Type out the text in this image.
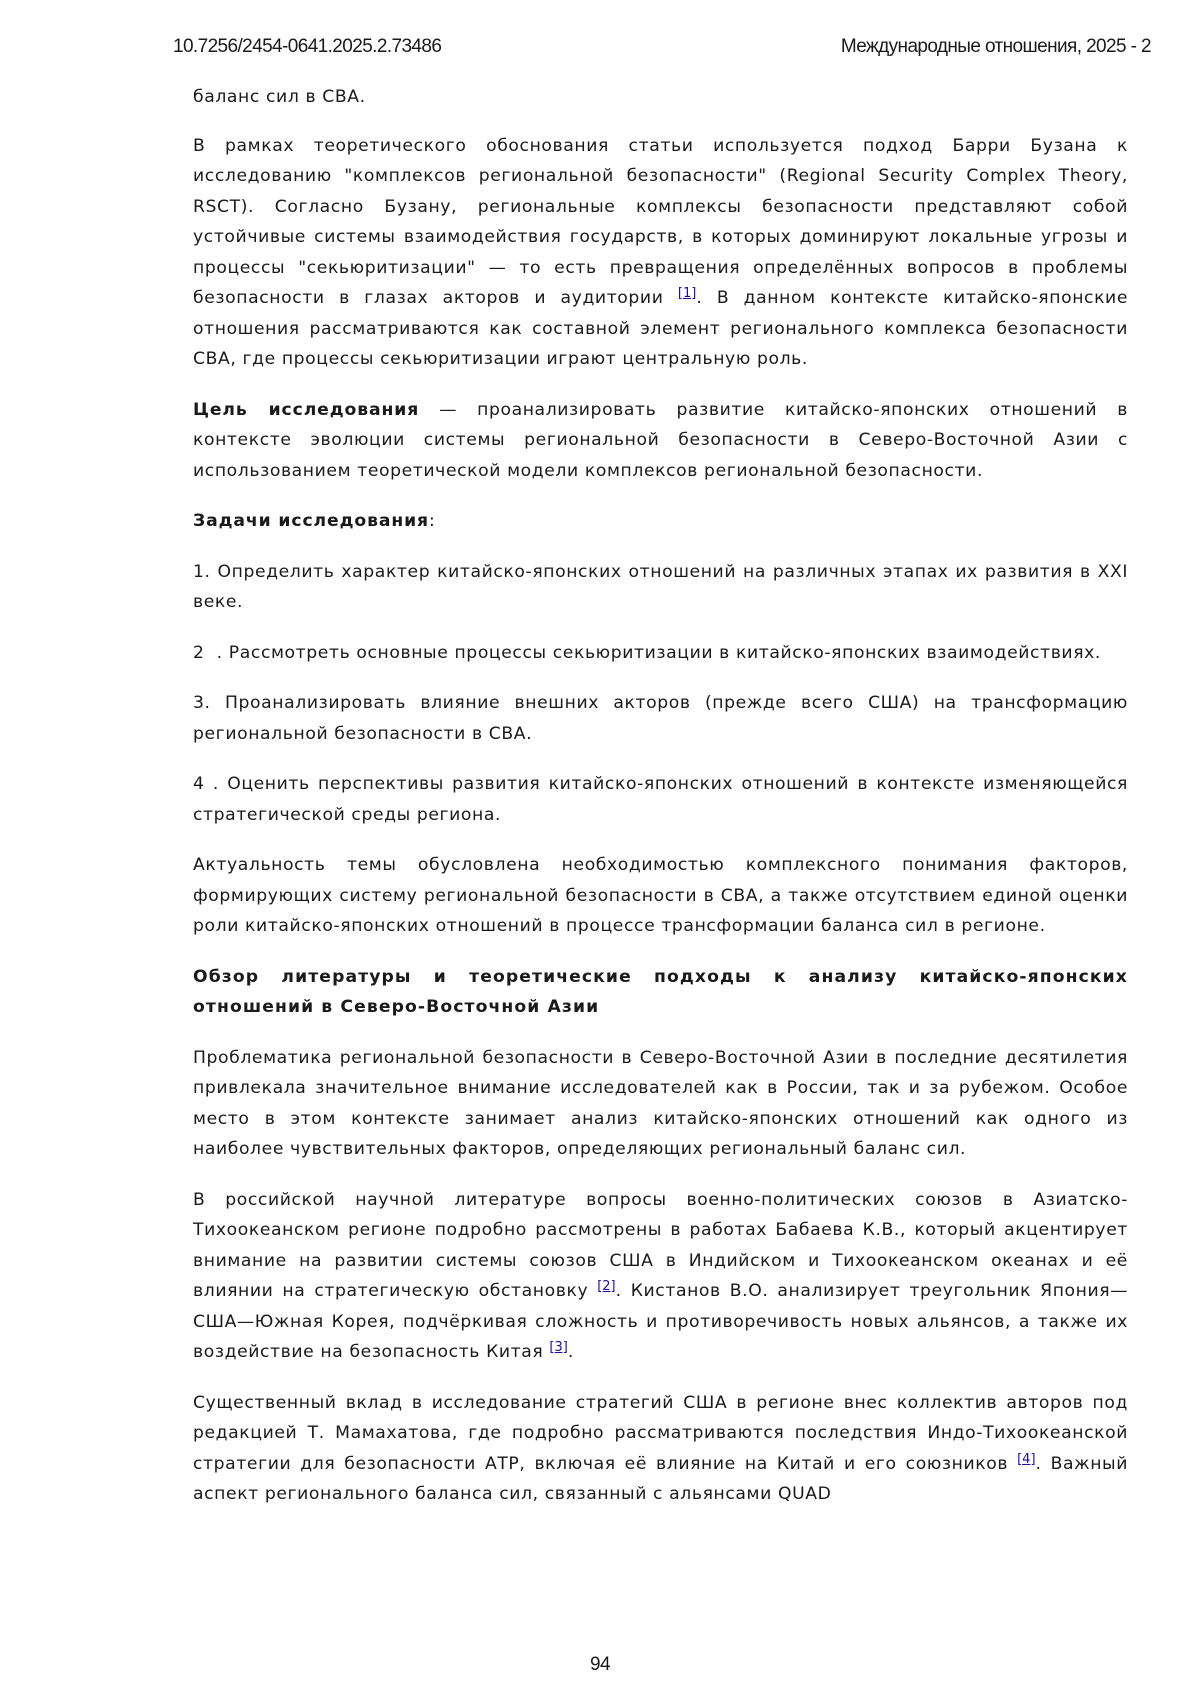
10.7256/2454-0641.2025.2.73486	Международные отношения, 2025 - 2

баланс сил в СВА.

В рамках теоретического обоснования статьи используется подход Барри Бузана к исследованию "комплексов региональной безопасности" (Regional Security Complex Theory, RSCT). Согласно Бузану, региональные комплексы безопасности представляют собой устойчивые системы взаимодействия государств, в которых доминируют локальные угрозы и процессы "секьюритизации" — то есть превращения определённых вопросов в проблемы безопасности в глазах акторов и аудитории [1]. В данном контексте китайско-японские отношения рассматриваются как составной элемент регионального комплекса безопасности СВА, где процессы секьюритизации играют центральную роль.

Цель исследования — проанализировать развитие китайско-японских отношений в контексте эволюции системы региональной безопасности в Северо-Восточной Азии с использованием теоретической модели комплексов региональной безопасности.

Задачи исследования:

1. Определить характер китайско-японских отношений на различных этапах их развития в XXI веке.

2  . Рассмотреть основные процессы секьюритизации в китайско-японских взаимодействиях.

3. Проанализировать влияние внешних акторов (прежде всего США) на трансформацию региональной безопасности в СВА.

4 . Оценить перспективы развития китайско-японских отношений в контексте изменяющейся стратегической среды региона.

Актуальность темы обусловлена необходимостью комплексного понимания факторов, формирующих систему региональной безопасности в СВА, а также отсутствием единой оценки роли китайско-японских отношений в процессе трансформации баланса сил в регионе.

Обзор литературы и теоретические подходы к анализу китайско-японских отношений в Северо-Восточной Азии

Проблематика региональной безопасности в Северо-Восточной Азии в последние десятилетия привлекала значительное внимание исследователей как в России, так и за рубежом. Особое место в этом контексте занимает анализ китайско-японских отношений как одного из наиболее чувствительных факторов, определяющих региональный баланс сил.

В российской научной литературе вопросы военно-политических союзов в Азиатско-Тихоокеанском регионе подробно рассмотрены в работах Бабаева К.В., который акцентирует внимание на развитии системы союзов США в Индийском и Тихоокеанском океанах и её влиянии на стратегическую обстановку [2]. Кистанов В.О. анализирует треугольник Япония—США—Южная Корея, подчёркивая сложность и противоречивость новых альянсов, а также их воздействие на безопасность Китая [3].

Существенный вклад в исследование стратегий США в регионе внес коллектив авторов под редакцией Т. Мамахатова, где подробно рассматриваются последствия Индо-Тихоокеанской стратегии для безопасности АТР, включая её влияние на Китай и его союзников [4]. Важный аспект регионального баланса сил, связанный с альянсами QUAD

94
